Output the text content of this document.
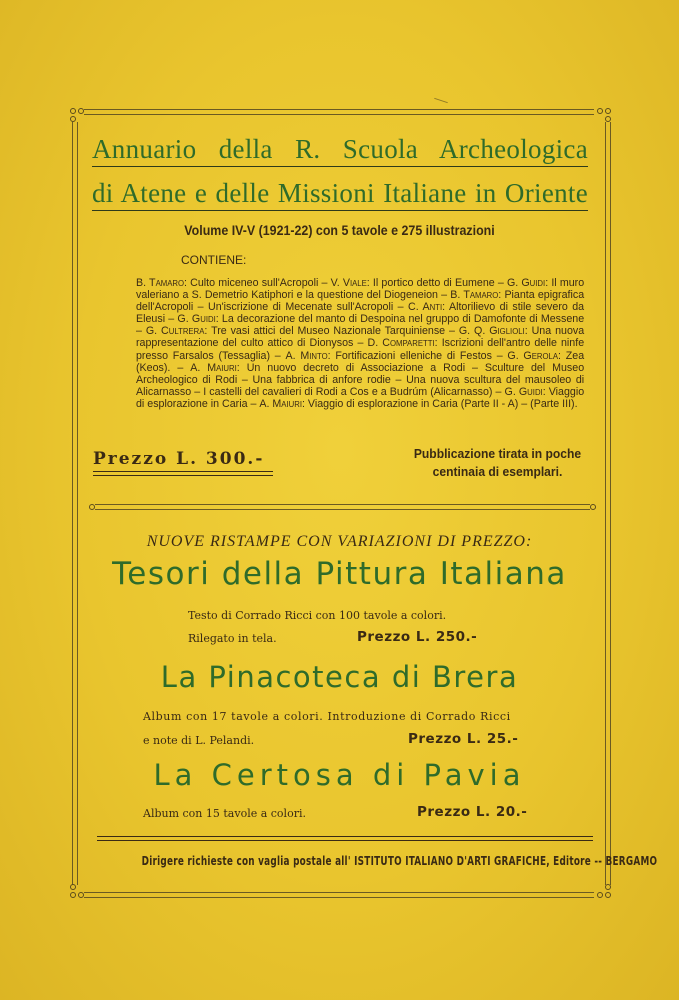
Annuario della R. Scuola Archeologica
di Atene e delle Missioni Italiane in Oriente
Volume IV-V (1921-22) con 5 tavole e 275 illustrazioni
CONTIENE:
B. Tamaro: Culto miceneo sull'Acropoli – V. Viale: Il portico detto di Eumene – G. Guidi: Il muro valeriano a S. Demetrio Katiphori e la questione del Diogeneion – B. Tamaro: Pianta epigrafica dell'Acropoli – Un'iscrizione di Mecenate sull'Acropoli – C. Anti: Altorilievo di stile severo da Eleusi – G. Guidi: La decorazione del manto di Despoina nel gruppo di Damofonte di Messene – G. Cultrera: Tre vasi attici del Museo Nazionale Tarquiniense – G. Q. Giglioli: Una nuova rappresentazione del culto attico di Dionysos – D. Comparetti: Iscrizioni dell'antro delle ninfe presso Farsalos (Tessaglia) – A. Minto: Fortificazioni elleniche di Festos – G. Gerola: Zea (Keos). – A. Maiuri: Un nuovo decreto di Associazione a Rodi – Sculture del Museo Archeologico di Rodi – Una fabbrica di anfore rodie – Una nuova scultura del mausoleo di Alicarnasso – I castelli del cavalieri di Rodi a Cos e a Budrúm (Alicarnasso) – G. Guidi: Viaggio di esplorazione in Caria – A. Maiuri: Viaggio di esplorazione in Caria (Parte II - A) – (Parte III).
Prezzo L. 300.-	Pubblicazione tirata in poche
centinaia di esemplari.
NUOVE RISTAMPE CON VARIAZIONI DI PREZZO:
Tesori della Pittura Italiana
Testo di Corrado Ricci con 100 tavole a colori.
Rilegato in tela.	Prezzo L. 250.-
La Pinacoteca di Brera
Album con 17 tavole a colori. Introduzione di Corrado Ricci
e note di L. Pelandi.	Prezzo L. 25.-
La Certosa di Pavia
Album con 15 tavole a colori.	Prezzo L. 20.-
Dirigere richieste con vaglia postale all' ISTITUTO ITALIANO D'ARTI GRAFICHE, Editore -- BERGAMO
